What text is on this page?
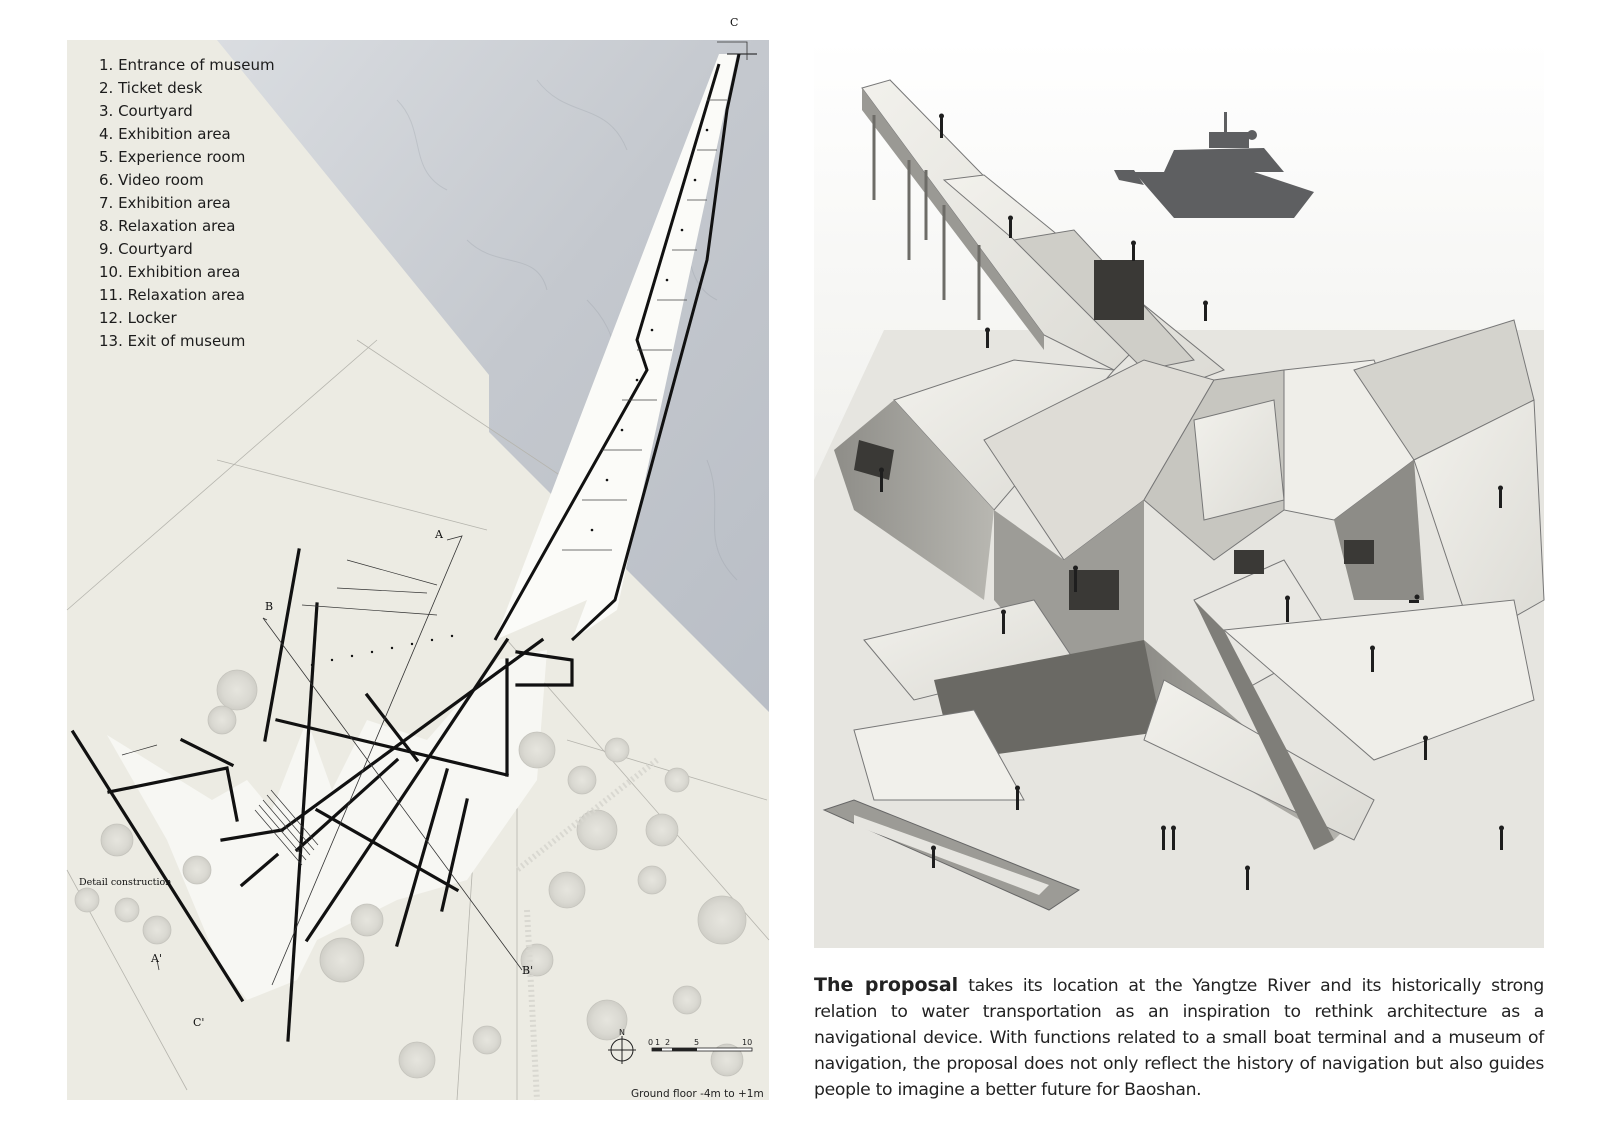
1. Entrance of museum
2. Ticket desk
3. Courtyard
4. Exhibition area
5. Experience room
6. Video room
7. Exhibition area
8. Relaxation area
9. Courtyard
10. Exhibition area
11. Relaxation area
12. Locker
13. Exit of museum
C
A
B
A'
B'
C'
Detail construction
N
0 1 2	5	10
Ground floor -4m to +1m

The proposal takes its location at the Yangtze River and its historically strong relation to water transportation as an inspiration to rethink architecture as a navigational device. With functions related to a small boat terminal and a museum of navigation, the proposal does not only reflect the history of navigation but also guides people to imagine a better future for Baoshan.
